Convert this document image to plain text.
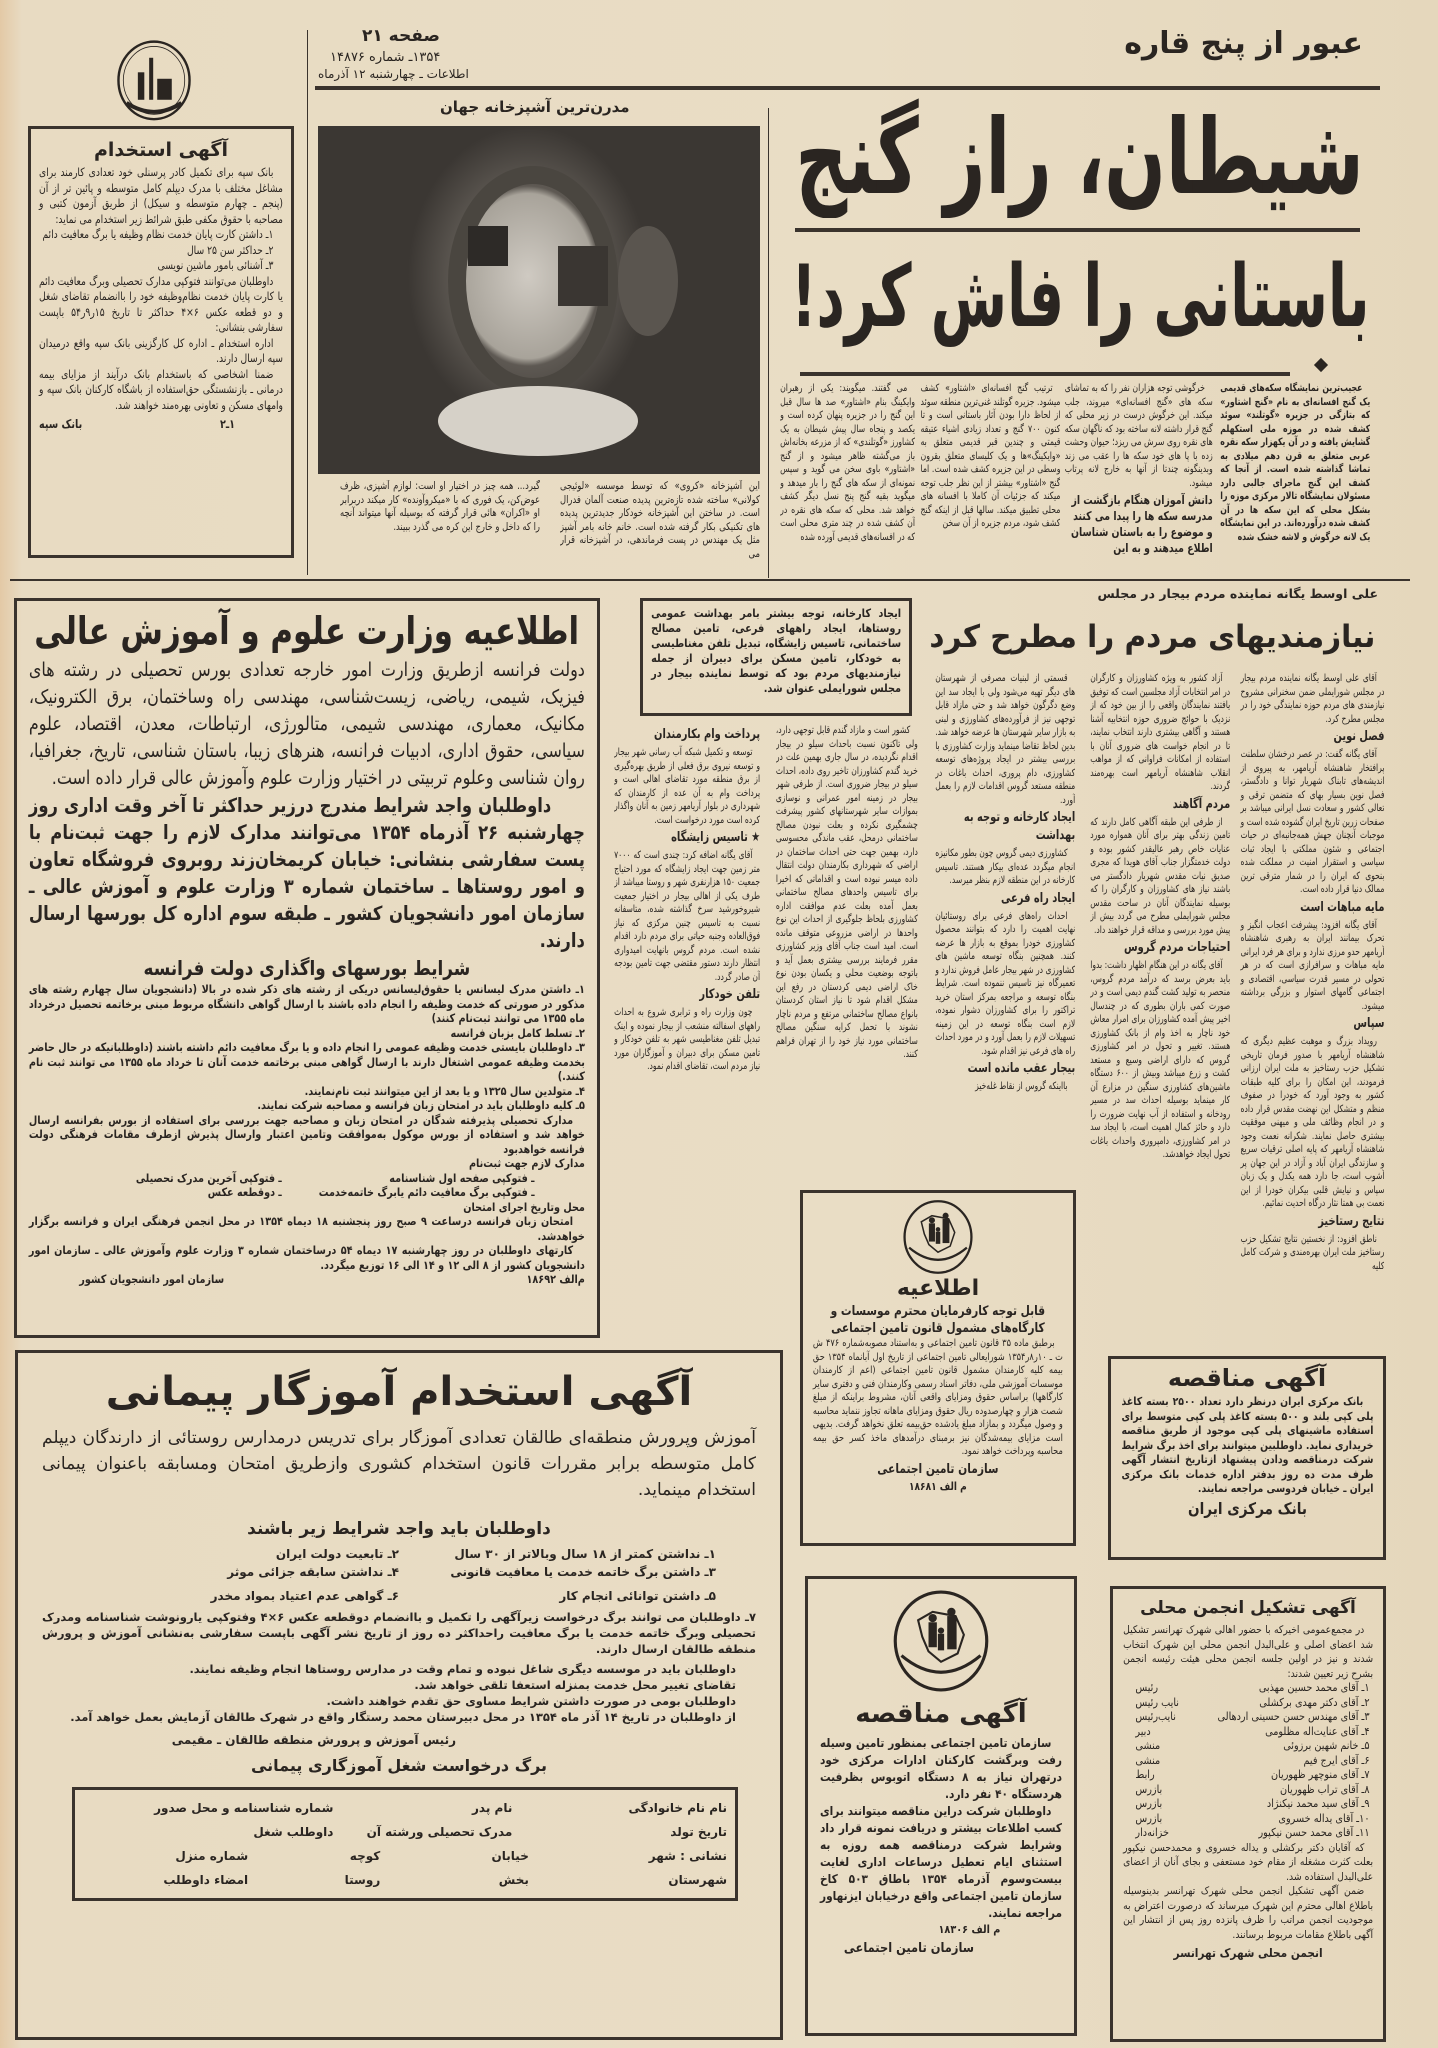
عبور از پنج قاره
صفحه ۲۱
۱۳۵۴ـ شماره ۱۴۸۷۶
اطلاعات ـ چهارشنبه ۱۲ آذرماه
آگهی استخدام

بانک سپه برای تکمیل کادر پرسنلی خود تعدادی کارمند برای مشاغل مختلف با مدرک دیپلم کامل متوسطه و پائین تر از آن (پنجم ـ چهارم متوسطه و سیکل) از طریق آزمون کتبی و مصاحبه با حقوق مکفی طبق شرائط زیر استخدام می نماید:

۱ـ داشتن کارت پایان خدمت نظام وظیفه یا برگ معافیت دائم

۲ـ حداکثر سن ۲۵ سال

۳ـ آشنائی بامور ماشین نویسی

داوطلبان می‌توانند فتوکپی مدارک تحصیلی وبرگ معافیت دائم یا کارت پایان خدمت نظام‌وظیفه خود را باانضمام تقاضای شغل و دو قطعه عکس ۶×۴ حداکثر تا تاریخ ۱۵ر۹ر۵۴ باپست سفارشی بنشانی:

اداره استخدام ـ اداره کل کارگزینی بانک سپه واقع درمیدان سپه ارسال دارند.

ضمنا اشخاصی که باستخدام بانک درآیند از مزایای بیمه درمانی ـ بازنشستگی حق‌استفاده از باشگاه کارکنان بانک سپه و وامهای مسکن و تعاونی بهره‌مند خواهند شد.

۱ـ۲
بانک سپه
مدرن‌ترین آشپزخانه جهان
این آشپزخانه «کروی» که توسط موسسه «لوئیجی کولانی» ساخته شده تازه‌ترین پدیده صنعت آلمان فدرال است. در ساختن این آشپزخانه خودکار جدیدترین پدیده های تکنیکی بکار گرفته شده است. خانم خانه بامر آشپز مثل یک مهندس در پست فرماندهی، در آشپزخانه قرار می
گیرد... همه چیز در اختیار او است: لوازم آشپزی، ظرف عوض‌کن، یک فوری که با «میکروآونده» کار میکند دربرابر او «اکران» هائی قرار گرفته که بوسیله آنها میتواند آنچه را که داخل و خارج این کره می گذرد ببیند.
شیطان، راز گنج
باستانی را فاش کرد!

عجیب‌ترین نمایشگاه سکه‌های قدیمی یک گنج افسانه‌ای به نام «گنج اشتاور» که بتازگی در جزیره «گوتلند» سوئد کشف شده در موزه ملی استکهلم گشایش یافته و در آن یکهزار سکه نقره عربی متعلق به قرن دهم میلادی به تماشا گذاشته شده است. از آنجا که کشف این گنج ماجرای جالبی دارد مسئولان نمایشگاه تالار مرکزی موزه را بشکل محلی که این سکه ها در آن کشف شده درآورده‌اند. در این نمایشگاه یک لانه خرگوش و لاشه خشک شده

خرگوشی توجه هزاران نفر را که به تماشای سکه های «گنج افسانه‌ای» میروند، جلب میکند. این خرگوش درست در زیر محلی که گنج قرار داشته لانه ساخته بود که ناگهان سکه های نقره روی سرش می ریزد؛ حیوان وحشت زده با پا های خود سکه ها را عقب می زند وبدینگونه چندتا از آنها به خارج لانه پرتاب میشود.

دانش آموزان هنگام بازگشت از مدرسه سکه ها را پیدا می کنند و موضوع را به باستان شناسان اطلاع میدهند و به این

ترتیب گنج افسانه‌ای «اشتاور» کشف میشود. جزیره گوتلند غنی‌ترین منطقه سوئد از لحاظ دارا بودن آثار باستانی است و تا کنون ۷۰۰ گنج و تعداد زیادی اشیاء عتیقه قیمتی و چندین قبر قدیمی متعلق به «وایکینگ»ها و یک کلیسای متعلق بقرون وسطی در این جزیره کشف شده است. اما گنج «اشتاور» بیشتر از این نظر جلب توجه میکند که جزئیات آن کاملا با افسانه های محلی تطبیق میکند. سالها قبل از اینکه گنج کشف شود، مردم جزیره از آن سخن

می گفتند. میگویند: یکی از رهبران وایکینگ بنام «اشتاور» صد ها سال قبل این گنج را در جزیره پنهان کرده است و یکصد و پنجاه سال پیش شیطان به یک کشاورز «گوتلندی» که از مزرعه بخانه‌اش باز می‌گشته ظاهر میشود و از گنج «اشتاور» باوی سخن می گوید و سپس نمونه‌ای از سکه های گنج را بار میدهد و میگوید بقیه گنج پنج نسل دیگر کشف خواهد شد. محلی که سکه های نقره در آن کشف شده در چند متری محلی است که در افسانه‌های قدیمی آورده شده

اطلاعیه وزارت علوم و آموزش عالی

دولت فرانسه ازطریق وزارت امور خارجه تعدادی بورس تحصیلی در رشته های فیزیک، شیمی، ریاضی، زیست‌شناسی، مهندسی راه وساختمان، برق الکترونیک، مکانیک، معماری، مهندسی شیمی، متالورژی، ارتباطات، معدن، اقتصاد، علوم سیاسی، حقوق اداری، ادبیات فرانسه، هنرهای زیبا، باستان شناسی، تاریخ، جغرافیا، روان شناسی وعلوم تربیتی در اختیار وزارت علوم وآموزش عالی قرار داده است.

داوطلبان واجد شرایط مندرج درزیر حداکثر تا آخر وقت اداری روز چهارشنبه ۲۶ آذرماه ۱۳۵۴ می‌توانند مدارک لازم را جهت ثبت‌نام با پست سفارشی بنشانی: خیابان کریمخان‌زند روبروی فروشگاه تعاون و امور روستاها ـ ساختمان شماره ۳ وزارت علوم و آموزش عالی ـ سازمان امور دانشجویان کشور ـ طبقه سوم اداره کل بورسها ارسال دارند.

شرایط بورسهای واگذاری دولت فرانسه

۱ـ داشتن مدرک لیسانس یا حقوق‌لیسانس دریکی از رشته های ذکر شده در بالا (دانشجویان سال چهارم رشته های مذکور در صورتی که خدمت وظیفه را انجام داده باشند با ارسال گواهی دانشگاه مربوط مبنی برخاتمه تحصیل درخرداد ماه ۱۳۵۵ می توانند ثبت‌نام کنند)

۲ـ تسلط کامل بزبان فرانسه

۳ـ داوطلبان بایستی خدمت وظیفه عمومی را انجام داده و یا برگ معافیت دائم داشته باشند (داوطلبانیکه در حال حاضر بخدمت وظیفه عمومی اشتغال دارند با ارسال گواهی مبنی برخاتمه خدمت آنان تا خرداد ماه ۱۳۵۵ می توانند ثبت نام کنند.)

۴ـ متولدین سال ۱۳۲۵ و یا بعد از این میتوانند ثبت نام‌نمایند.

۵ـ کلیه داوطلبان باید در امتحان زبان فرانسه و مصاحبه شرکت نمایند.

مدارک تحصیلی پذیرفته شدگان در امتحان زبان و مصاحبه جهت بررسی برای استفاده از بورس بفرانسه ارسال خواهد شد و استفاده از بورس موکول به‌موافقت وتامین اعتبار وارسال پذیرش ازطرف مقامات فرهنگی دولت فرانسه خواهدبود

مدارک لازم جهت ثبت‌نام

ـ فتوکپی صفحه اول شناسنامه
ـ فتوکپی آخرین مدرک تحصیلی
ـ فتوکپی برگ معافیت دائم یابرگ خاتمه‌خدمت
ـ دوقطعه عکس

محل وتاریخ اجرای امتحان

امتحان زبان فرانسه درساعت ۹ صبح روز پنجشنبه ۱۸ دیماه ۱۳۵۴ در محل انجمن فرهنگی ایران و فرانسه برگزار خواهدشد.

کارتهای داوطلبان در روز چهارشنبه ۱۷ دیماه ۵۴ درساختمان شماره ۳ وزارت علوم وآموزش عالی ـ سازمان امور دانشجویان کشور از ۸ الی ۱۲ و ۱۴ الی ۱۶ توزیع میگردد.

م‌الف ۱۸۶۹۲
سازمان امور دانشجویان کشور
علی اوسط یگانه نماینده مردم بیجار در مجلس
نیازمندیهای مردم را مطرح کرد
ایجاد کارخانه، توجه بیشتر بامر بهداشت عمومی روستاها، ایجاد راههای فرعی، تامین مصالح ساختمانی، تاسیس زایشگاه، تبدیل تلفن مغناطیسی به خودکار، تامین مسکن برای دبیران از جمله نیازمندیهای مردم بود که توسط نماینده بیجار در مجلس شورایملی عنوان شد.

آقای علی اوسط یگانه نماینده مردم بیجار در مجلس شورایملی ضمن سخنرانی مشروح نیازمندی های مردم حوزه نمایندگی خود را در مجلس مطرح کرد.

فصل نوین

آقای یگانه گفت: در عصر درخشان سلطنت پرافتخار شاهنشاه آریامهر، به پیروی از اندیشه‌های تابناک شهریار توانا و دادگستر، فصل نوین بسیار بهای که متضمن ترقی و تعالی کشور و سعادت نسل ایرانی میباشد بر صفحات زرین تاریخ ایران گشوده شده است و موجبات آنچنان جهش همه‌جانبه‌ای در حیات اجتماعی و شئون مملکتی با ایجاد ثبات سیاسی و استقرار امنیت در مملکت شده بنحوی که ایران را در شمار مترقی ترین ممالک دنیا قرار داده است.

مایه مباهات است

آقای یگانه افزود: پیشرفت اعجاب انگیز و تحرک بیمانند ایران به رهبری شاهنشاه آریامهر حدو مرزی ندارد و برای هر فرد ایرانی مایه مباهات و سرافرازی است که در هر تحولی در مسیر قدرت سیاسی، اقتصادی و اجتماعی گامهای استوار و بزرگی برداشته میشود.

سپاس

رویداد بزرگ و موهبت عظیم دیگری که شاهنشاه آریامهر با صدور فرمان تاریخی تشکیل حزب رستاخیز به ملت ایران ارزانی فرمودند، این امکان را برای کلیه طبقات کشور به وجود آورد که خودرا در صفوف منظم و متشکل این نهضت مقدس قرار داده و در انجام وظائف ملی و میهنی موفقیت بیشتری حاصل نمایند. شکرانه نعمت وجود شاهنشاه آریامهر که پایه اصلی ترقیات سریع و سازندگی ایران آباد و آزاد در این جهان پر آشوب است، جا دارد همه یکدل و یک زبان سپاس و نیایش قلبی بیکران خودرا از این نعمت بی همتا نثار درگاه احدیت نمائیم.

نتایج رستاخیز

ناطق افزود: از نخستین نتایج تشکیل حزب رستاخیز ملت ایران بهره‌مندی و شرکت کامل کلیه

آزاد کشور به ویژه کشاورزان و کارگران در امر انتخابات آزاد مجلسین است که توفیق یافتند نمایندگان واقعی را از بین خود که از نزدیک با حوائج ضروری حوزه انتخابیه آشنا هستند و آگاهی بیشتری دارند انتخاب نمایند، تا در انجام خواست های ضروری آنان با استفاده از امکانات فراوانی که از مواهب انقلاب شاهنشاه آریامهر است بهره‌مند گردند.

مردم آگاهند

از طرفی این طبقه آگاهی کامل دارند که تامین زندگی بهتر برای آنان همواره مورد عنایات خاص رهبر عالیقدر کشور بوده و دولت خدمتگزار جناب آقای هویدا که مجری صدیق نیات مقدس شهریار دادگستر می باشند نیاز های کشاورزان و کارگران را که بوسیله نمایندگان آنان در ساحت مقدس مجلس شورایملی مطرح می گردد بیش از پیش مورد بررسی و مداقه قرار خواهند داد.

احتیاجات مردم گروس

آقای یگانه در این هنگام اظهار داشت: بدوا باید بعرض برسد که درآمد مردم گروس، منحصر به تولید کشت گندم دیمی است و در صورت کمی باران بطوری که در چندسال اخیر پیش آمده کشاورزان برای امرار معاش خود ناچار به اخذ وام از بانک کشاورزی هستند. تغییر و تحول در امر کشاورزی گروس که دارای اراضی وسیع و مستعد کشت و زرع میباشد وبیش از ۶۰۰ دستگاه ماشین‌های کشاورزی سنگین در مزارع آن کار مینماید بوسیله احداث سد در مسیر رودخانه و استفاده از آب نهایت ضرورت را دارد و حائز کمال اهمیت است، با ایجاد سد در امر کشاورزی، دامپروری واحداث باغات تحول ایجاد خواهدشد.

قسمتی از لبنیات مصرفی از شهرستان های دیگر تهیه می‌شود ولی با ایجاد سد این وضع دگرگون خواهد شد و حتی مازاد قابل توجهی نیز از فرآورده‌های کشاورزی و لبنی به بازار سایر شهرستان ها عرضه خواهد شد. بدین لحاظ تقاضا مینماید وزارت کشاورزی با بررسی بیشتر در ایجاد پروژه‌های توسعه کشاورزی، دام پروری، احداث باغات در منطقه مستعد گروس اقدامات لازم را بعمل آورد.

ایجاد کارخانه و توجه به بهداشت

کشاورزی دیمی گروس چون بطور مکانیزه انجام میگردد عده‌ای بیکار هستند. تاسیس کارخانه در این منطقه لازم بنظر میرسد.

ایجاد راه فرعی

احداث راه‌های فرعی برای روستائیان نهایت اهمیت را دارد که بتوانند محصول کشاورزی خودرا بموقع به بازار ها عرضه کنند. همچنین بنگاه توسعه ماشین های کشاورزی در شهر بیجار عامل فروش ندارد و تعمیرگاه نیز تاسیس ننموده است. شرایط بنگاه توسعه و مراجعه بمرکز استان خرید تراکتور را برای کشاورزان دشوار نموده، لازم است بنگاه توسعه در این زمینه تسهیلات لازم را بعمل آورد و در مورد احداث راه های فرعی نیز اقدام شود.

بیجار عقب مانده است

بااینکه گروس از نقاط غله‌خیز

کشور است و مازاد گندم قابل توجهی دارد، ولی تاکنون نسبت باحداث سیلو در بیجار اقدام نگردیده، در سال جاری بهمین علت در خرید گندم کشاورزان تاخیر روی داده، احداث سیلو در بیجار ضروری است. از طرفی شهر بیجار در زمینه امور عمرانی و نوسازی بموازات سایر شهرستانهای کشور پیشرفت چشمگیری نکرده و بعلت نبودن مصالح ساختمانی درمحل، عقب ماندگی محسوسی دارد، بهمین جهت حتی احداث ساختمان در اراضی که شهرداری بکارمندان دولت انتقال داده میسر نبوده است و اقداماتی که اخیرا برای تاسیس واحدهای مصالح ساختمانی بعمل آمده بعلت عدم موافقت اداره کشاورزی بلحاظ جلوگیری از احداث این نوع واحدها در اراضی مزروعی متوقف مانده است. امید است جناب آقای وزیر کشاورزی مقرر فرمایند بررسی بیشتری بعمل آید و باتوجه بوضعیت محلی و یکسان بودن نوع خاک اراضی دیمی کردستان در رفع این مشکل اقدام شود تا نیاز استان کردستان بانواع مصالح ساختمانی مرتفع و مردم ناچار نشوند با تحمل کرایه سنگین مصالح ساختمانی مورد نیاز خود را از تهران فراهم کنند.

پرداخت وام بکارمندان

توسعه و تکمیل شبکه آب رسانی شهر بیجار و توسعه نیروی برق فعلی از طریق بهره‌گیری از برق منطقه مورد تقاضای اهالی است و پرداخت وام به آن عده از کارمندان که شهرداری در بلوار آریامهر زمین به آنان واگذار کرده است مورد درخواست است.

★ تاسیس زایشگاه

آقای یگانه اضافه کرد: چندی است که ۷۰۰۰ متر زمین جهت ایجاد زایشگاه که مورد احتیاج جمعیت ۱۵۰ هزارنفری شهر و روستا میباشد از طرف یکی از اهالی بیجار در اختیار جمعیت شیروخورشید سرخ گذاشته شده، متاسفانه نسبت به تاسیس چنین مرکزی که نیاز فوق‌العاده وجنبه حیاتی برای مردم دارد اقدام نشده است. مردم گروس بانهایت امیدواری انتظار دارند دستور مقتضی جهت تامین بودجه آن صادر گردد.

تلفن خودکار

چون وزارت راه و ترابری شروع به احداث راههای اسفالته منشعب از بیجار نموده و اینک تبدیل تلفن مغناطیسی شهر به تلفن خودکار و تامین مسکن برای دبیران و آموزگاران مورد نیاز مردم است، تقاضای اقدام نمود.

اطلاعیه
قابل توجه کارفرمایان محترم موسسات و کارگاه‌های مشمول قانون تامین اجتماعی

برطبق ماده ۳۵ قانون تامین اجتماعی و به‌استناد مصوبه‌شماره ۴۷۶ ش ت ـ ۱۰ر۸ر۱۳۵۴ شورایعالی تامین اجتماعی از تاریخ اول آبانماه ۱۳۵۴ حق بیمه کلیه کارمندان مشمول قانون تامین اجتماعی (اعم از کارمندان موسسات آموزشی ملی، دفاتر اسناد رسمی وکارمندان فنی و دفتری سایر کارگاهها) براساس حقوق ومزایای واقعی آنان، مشروط براینکه از مبلغ شصت هزار و چهارصدوده ریال حقوق ومزایای ماهانه تجاوز ننماید محاسبه و وصول میگردد و بمازاد مبلغ یادشده حق‌بیمه تعلق نخواهد گرفت. بدیهی است مزایای بیمه‌شدگان نیز برمبنای درآمدهای ماخذ کسر حق بیمه محاسبه وپرداخت خواهد نمود.

سازمان تامین اجتماعی
م الف ۱۸۶۸۱
آگهی مناقصه

بانک مرکزی ایران درنظر دارد تعداد ۲۵۰۰ بسته کاغذ پلی کپی بلند و ۵۰۰ بسته کاغذ پلی کپی متوسط برای استفاده ماشینهای پلی کپی موجود از طریق مناقصه خریداری نماید. داوطلبین میتوانند برای اخذ برگ شرایط شرکت درمناقصه ودادن پیشنهاد ازتاریخ انتشار آگهی ظرف مدت ده روز بدفتر اداره خدمات بانک مرکزی ایران ـ خیابان فردوسی مراجعه نمایند.

بانک مرکزی ایران
آگهی استخدام آموزگار پیمانی

آموزش وپرورش منطقه‌ای طالقان تعدادی آموزگار برای تدریس درمدارس روستائی از دارندگان دیپلم کامل متوسطه برابر مقررات قانون استخدام کشوری وازطریق امتحان ومسابقه باعنوان پیمانی استخدام مینماید.

داوطلبان باید واجد شرایط زیر باشند
۱ـ نداشتن کمتر از ۱۸ سال وبالاتر از ۳۰ سال
۲ـ تابعیت دولت ایران
۳ـ داشتن برگ خاتمه خدمت یا معافیت قانونی
۴ـ نداشتن سابقه جزائی موثر
۵ـ داشتن توانائی انجام کار
۶ـ گواهی عدم اعتیاد بمواد مخدر

۷ـ داوطلبان می توانند برگ درخواست زیرآگهی را تکمیل و باانضمام دوقطعه عکس ۶×۴ وفتوکپی یارونوشت شناسنامه ومدرک تحصیلی وبرگ خاتمه خدمت یا برگ معافیت راحداکثر ده روز از تاریخ نشر آگهی باپست سفارشی به‌نشانی آموزش و پرورش منطقه طالقان ارسال دارند.

داوطلبان باید در موسسه دیگری شاغل نبوده و تمام وقت در مدارس روستاها انجام وظیفه نمایند.

تقاضای تغییر محل خدمت بمنزله استعفا تلقی خواهد شد.

داوطلبان بومی در صورت داشتن شرایط مساوی حق تقدم خواهند داشت.

از داوطلبان در تاریخ ۱۴ آذر ماه ۱۳۵۴ در محل دبیرستان محمد رستگار واقع در شهرک طالقان آزمایش بعمل خواهد آمد.

رئیس آموزش و پرورش منطقه طالقان ـ مقیمی
برگ درخواست شغل آموزگاری پیمانی
نام نام خانوادگی
نام پدر
شماره شناسنامه و محل صدور
تاریخ تولد
مدرک تحصیلی ورشته آن
داوطلب شغل
نشانی : شهر
خیابان
کوچه
شماره منزل
شهرستان
بخش
روستا
امضاء داوطلب
آگهی مناقصه

سازمان تامین اجتماعی بمنظور تامین وسیله رفت وبرگشت کارکنان ادارات مرکزی خود درتهران نیاز به ۸ دستگاه اتوبوس بظرفیت هردستگاه ۴۰ نفر دارد.

داوطلبان شرکت دراین مناقصه میتوانند برای کسب اطلاعات بیشتر و دریافت نمونه قرار داد وشرایط شرکت درمناقصه همه روزه به استثنای ایام تعطیل درساعات اداری لغایت بیست‌وسوم آذرماه ۱۳۵۴ باطاق ۵۰۳ کاخ سازمان تامین اجتماعی واقع درخیابان ایزنهاور مراجعه نمایند.

م الف ۱۸۳۰۶
سازمان تامین اجتماعی
آگهی تشکیل انجمن محلی

در مجمع‌عمومی اخیرکه با حضور اهالی شهرک تهرانسر تشکیل شد اعضای اصلی و علی‌البدل انجمن محلی این شهرک انتخاب شدند و نیز در اولین جلسه انجمن محلی هیئت رئیسه انجمن بشرح زیر تعیین شدند:

۱ـ آقای محمد حسین مهذبی
رئیس
۲ـ آقای دکتر مهدی برکشلی
نایب رئیس
۳ـ آقای مهندس حسن حسینی اردهالی
نایب‌رئیس
۴ـ آقای عنایت‌اله مظلومی
دبیر
۵ـ خانم شهین برزوئی
منشی
۶ـ آقای ایرج فیم
منشی
۷ـ آقای منوچهر ظهوریان
رابط
۸ـ آقای تراب ظهوریان
بازرس
۹ـ آقای سید محمد نیکنژاد
بازرس
۱۰ـ آقای یداله خسروی
بازرس
۱۱ـ آقای محمد حسن نیکپور
خزانه‌دار

که آقایان دکتر برکشلی و یداله خسروی و محمدحسن نیکپور بعلت کثرت مشغله از مقام خود مستعفی و بجای آنان از اعضای علی‌البدل استفاده شد.

ضمن آگهی تشکیل انجمن محلی شهرک تهرانسر بدینوسیله باطلاع اهالی محترم این شهرک میرساند که درصورت اعتراض به موجودیت انجمن مراتب را ظرف پانزده روز پس از انتشار این آگهی باطلاع مقامات مربوط برسانند.

انجمن محلی شهرک تهرانسر
